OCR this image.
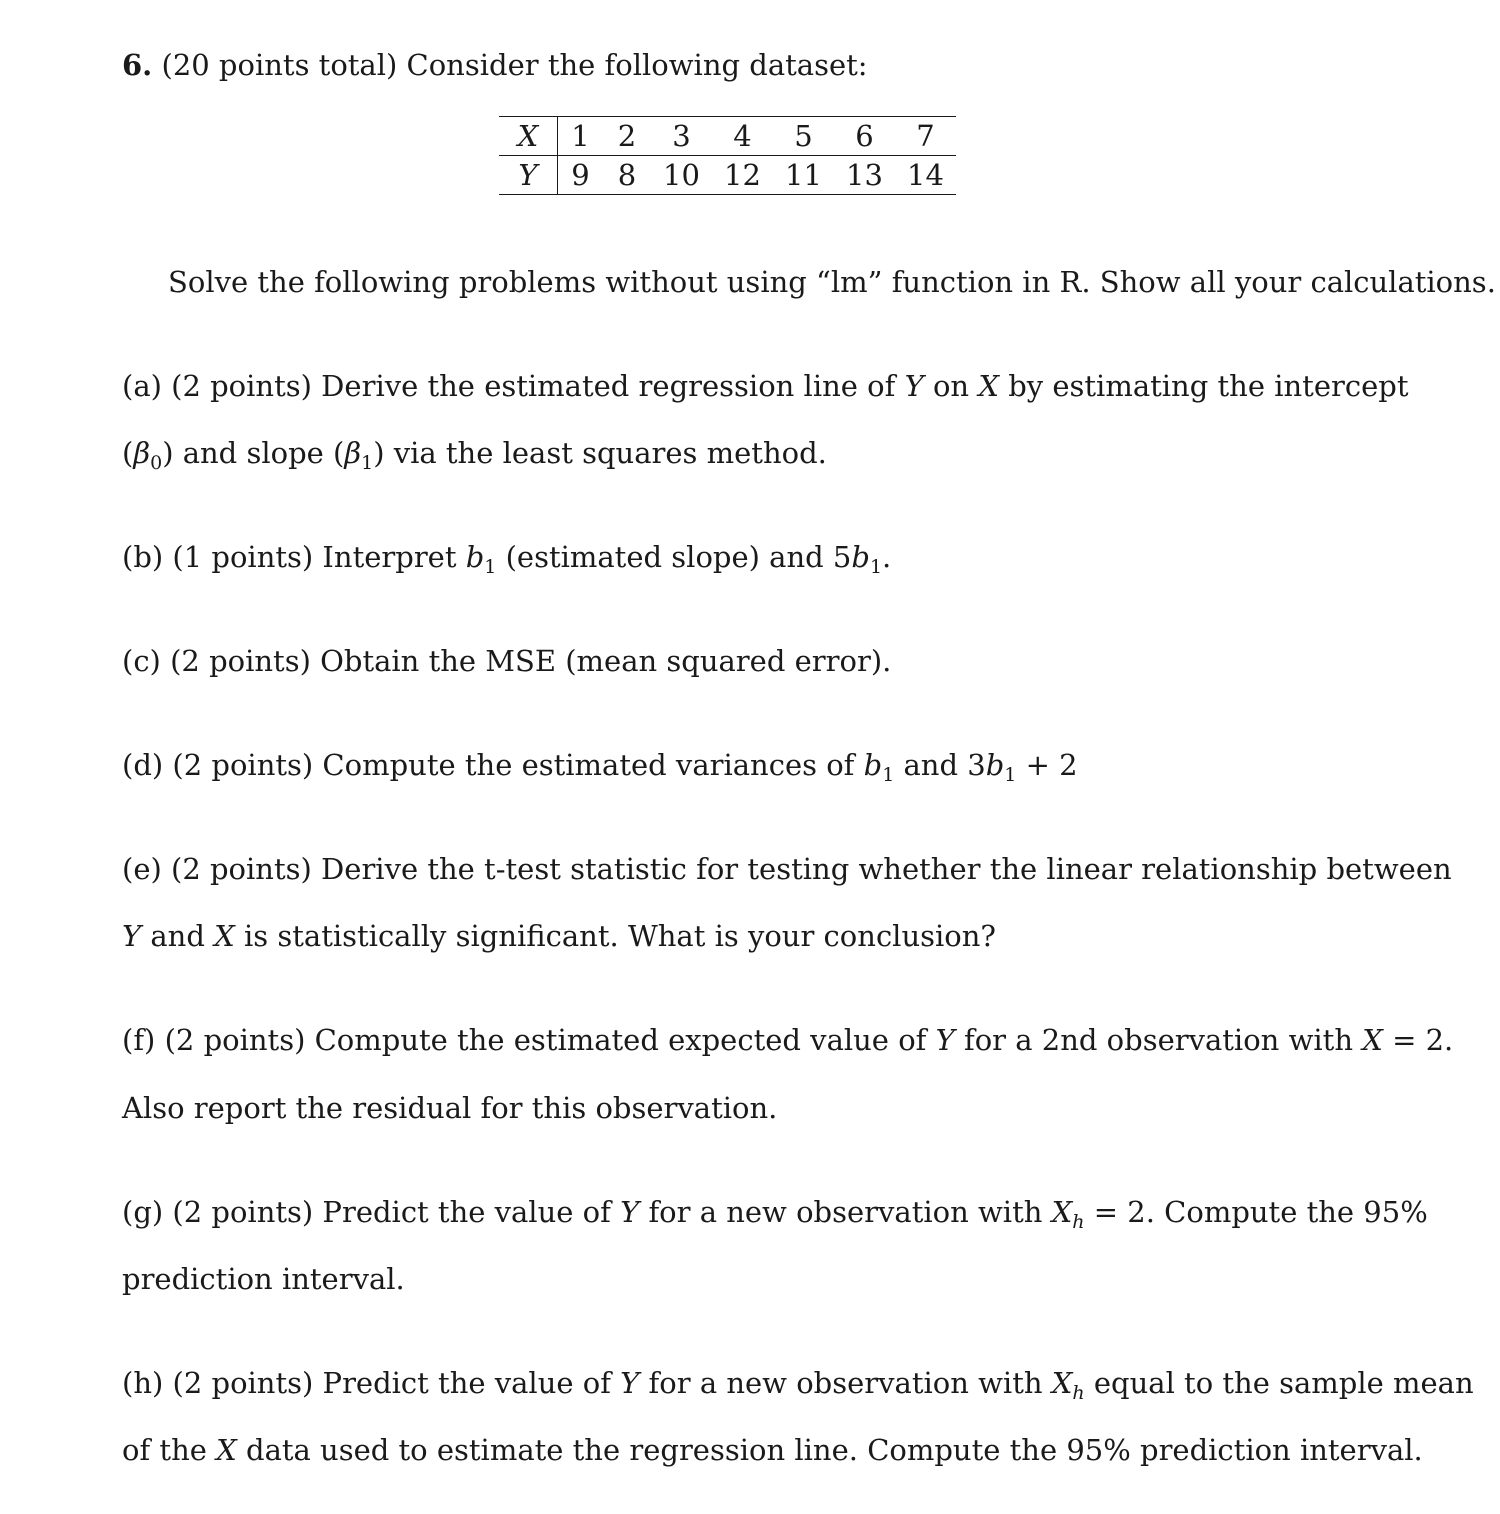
6. (20 points total) Consider the following dataset:
X	1	2	3	4	5	6	7
Y	9	8	10	12	11	13	14
Solve the following problems without using “lm” function in R. Show all your calculations.
(a) (2 points) Derive the estimated regression line of Y on X by estimating the intercept
$(\beta_0)$ and slope $(\beta_1)$ via the least squares method.
(b) (1 points) Interpret $b_1$ (estimated slope) and $5b_1$.
(c) (2 points) Obtain the MSE (mean squared error).
(d) (2 points) Compute the estimated variances of $b_1$ and $3b_1 + 2$
(e) (2 points) Derive the t-test statistic for testing whether the linear relationship between
Y and X is statistically significant. What is your conclusion?
(f) (2 points) Compute the estimated expected value of Y for a 2nd observation with X = 2.
Also report the residual for this observation.
(g) (2 points) Predict the value of Y for a new observation with $X_h = 2$. Compute the 95%
prediction interval.
(h) (2 points) Predict the value of Y for a new observation with $X_h$ equal to the sample mean
of the X data used to estimate the regression line. Compute the 95% prediction interval.
